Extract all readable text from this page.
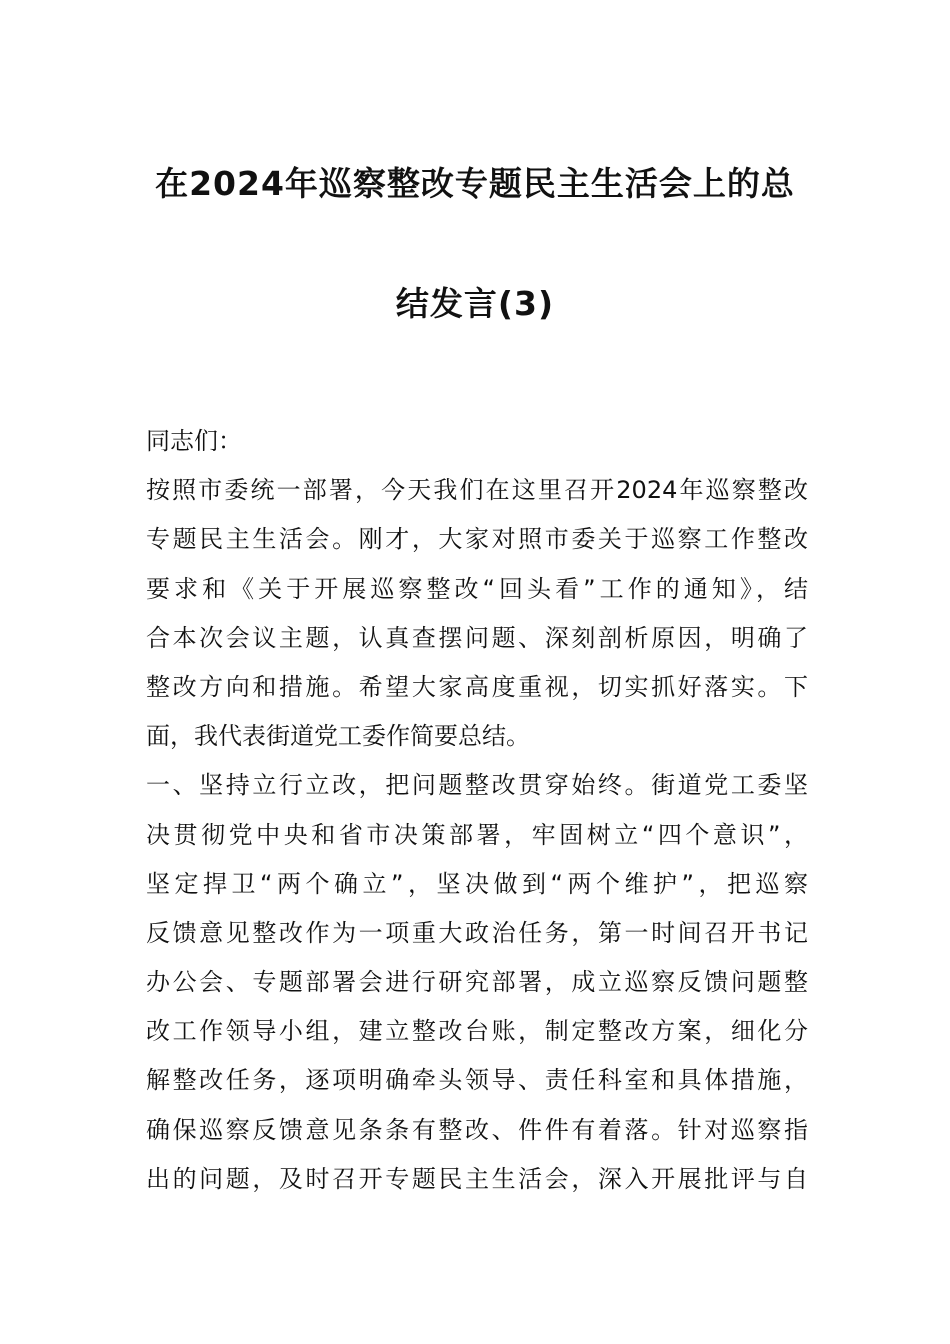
在2024年巡察整改专题民主生活会上的总
结发言(3)
同志们：
按照市委统一部署，今天我们在这里召开2024年巡察整改
专题民主生活会。刚才，大家对照市委关于巡察工作整改
要求和《关于开展巡察整改“回头看”工作的通知》，结
合本次会议主题，认真查摆问题、深刻剖析原因，明确了
整改方向和措施。希望大家高度重视，切实抓好落实。下
面，我代表街道党工委作简要总结。
一、坚持立行立改，把问题整改贯穿始终。街道党工委坚
决贯彻党中央和省市决策部署，牢固树立“四个意识”，
坚定捍卫“两个确立”，坚决做到“两个维护”，把巡察
反馈意见整改作为一项重大政治任务，第一时间召开书记
办公会、专题部署会进行研究部署，成立巡察反馈问题整
改工作领导小组，建立整改台账，制定整改方案，细化分
解整改任务，逐项明确牵头领导、责任科室和具体措施，
确保巡察反馈意见条条有整改、件件有着落。针对巡察指
出的问题，及时召开专题民主生活会，深入开展批评与自
